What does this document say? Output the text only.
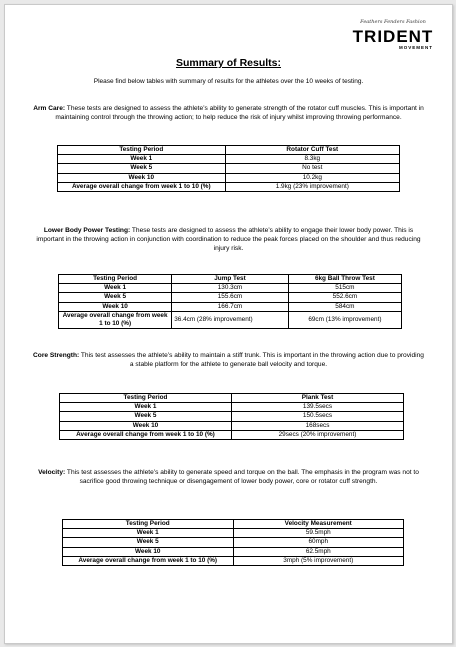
Feathers Fenders Fashion
TRIDENT
MOVEMENT
Summary of Results:
Please find below tables with summary of results for the athletes over the 10 weeks of testing.
Arm Care: These tests are designed to assess the athlete’s ability to generate strength of the rotator cuff muscles. This is important in maintaining control through the throwing action; to help reduce the risk of injury whilst improving throwing performance.
Testing Period	Rotator Cuff Test
Week 1	8.3kg
Week 5	No test
Week 10	10.2kg
Average overall change from week 1 to 10 (%)	1.9kg (23% improvement)
Lower Body Power Testing: These tests are designed to assess the athlete’s ability to engage their lower body power. This is important in the throwing action in conjunction with coordination to reduce the peak forces placed on the shoulder and thus reducing injury risk.
Testing Period	Jump Test	6kg Ball Throw Test
Week 1	130.3cm	515cm
Week 5	155.6cm	552.6cm
Week 10	166.7cm	584cm
Average overall change from week 1 to 10 (%)	36.4cm (28% improvement)	69cm (13% improvement)
Core Strength: This test assesses the athlete’s ability to maintain a stiff trunk. This is important in the throwing action due to providing a stable platform for the athlete to generate ball velocity and torque.
Testing Period	Plank Test
Week 1	139.5secs
Week 5	150.5secs
Week 10	168secs
Average overall change from week 1 to 10 (%)	29secs (20% improvement)
Velocity: This test assesses the athlete’s ability to generate speed and torque on the ball. The emphasis in the program was not to sacrifice good throwing technique or disengagement of lower body power, core or rotator cuff strength.
Testing Period	Velocity Measurement
Week 1	59.5mph
Week 5	60mph
Week 10	62.5mph
Average overall change from week 1 to 10 (%)	3mph (5% improvement)
